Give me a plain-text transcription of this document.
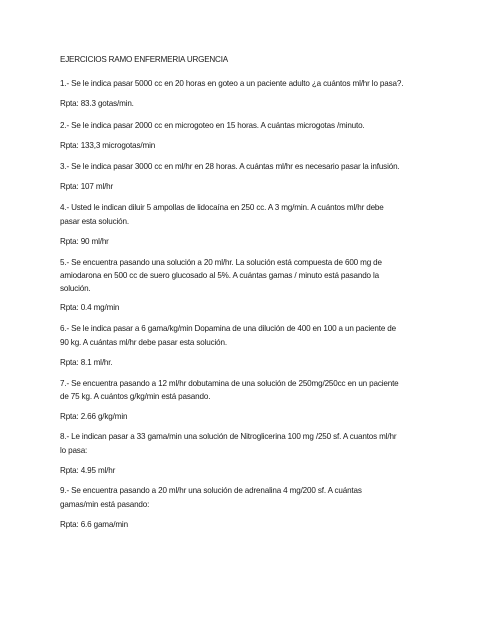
EJERCICIOS RAMO ENFERMERIA URGENCIA
1.- Se le indica pasar 5000 cc en 20 horas en goteo a un paciente adulto ¿a cuántos ml/hr lo pasa?.
Rpta: 83.3 gotas/min.
2.- Se le indica pasar 2000 cc en microgoteo en 15 horas. A cuántas microgotas /minuto.
Rpta: 133,3 microgotas/min
3.- Se le indica pasar 3000 cc en ml/hr en 28 horas. A cuántas ml/hr es necesario pasar la infusión.
Rpta: 107 ml/hr
4.- Usted le indican diluir 5 ampollas de lidocaína en 250 cc. A 3 mg/min. A cuántos ml/hr debe
pasar esta solución.
Rpta: 90 ml/hr
5.- Se encuentra pasando una solución a 20 ml/hr. La solución está compuesta de 600 mg de
amiodarona en 500 cc de suero glucosado al 5%. A cuántas gamas / minuto está pasando la
solución.
Rpta: 0.4 mg/min
6.- Se le indica pasar a 6 gama/kg/min Dopamina de una dilución de 400 en 100 a un paciente de
90 kg. A cuántas ml/hr debe pasar esta solución.
Rpta: 8.1 ml/hr.
7.- Se encuentra pasando a 12 ml/hr dobutamina de una solución de 250mg/250cc en un paciente
de 75 kg. A cuántos g/kg/min está pasando.
Rpta: 2.66 g/kg/min
8.- Le indican pasar a 33 gama/min una solución de Nitroglicerina 100 mg /250 sf. A cuantos ml/hr
lo pasa:
Rpta: 4.95 ml/hr
9.- Se encuentra pasando a 20 ml/hr una solución de adrenalina 4 mg/200 sf. A cuántas
gamas/min está pasando:
Rpta: 6.6 gama/min
